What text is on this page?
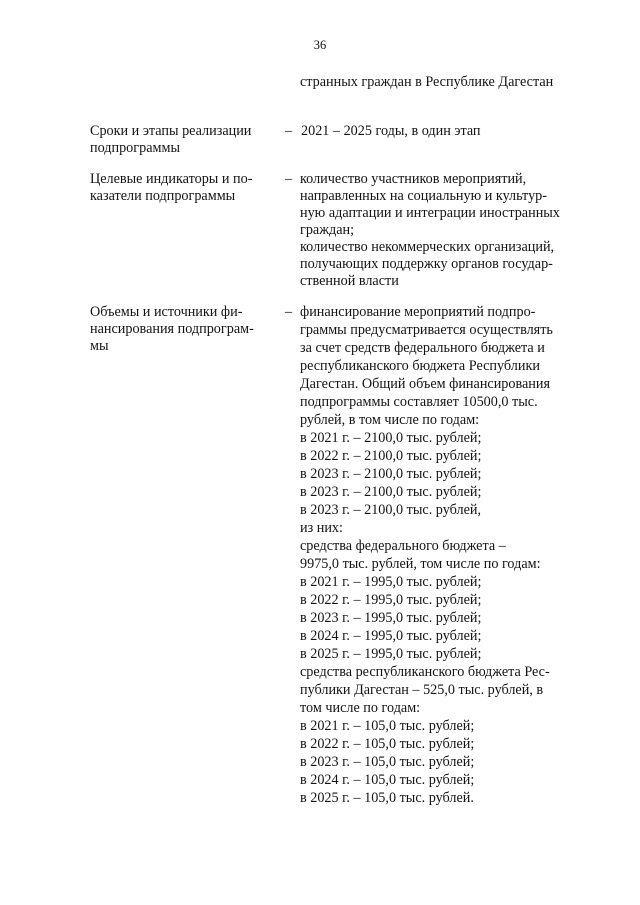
36
странных граждан в Республике Дагестан
Сроки и этапы реализации
подпрограммы
– 2021 – 2025 годы, в один этап
Целевые индикаторы и по-
казатели подпрограммы
– количество участников мероприятий,
направленных на социальную и культур-
ную адаптации и интеграции иностранных
граждан;
количество некоммерческих организаций,
получающих поддержку органов государ-
ственной власти
Объемы и источники фи-
нансирования подпрограм-
мы
– финансирование мероприятий подпро-
граммы предусматривается осуществлять
за счет средств федерального бюджета и
республиканского бюджета Республики
Дагестан. Общий объем финансирования
подпрограммы составляет 10500,0 тыс.
рублей, в том числе по годам:
в 2021 г. – 2100,0 тыс. рублей;
в 2022 г. – 2100,0 тыс. рублей;
в 2023 г. – 2100,0 тыс. рублей;
в 2023 г. – 2100,0 тыс. рублей;
в 2023 г. – 2100,0 тыс. рублей,
из них:
средства федерального бюджета –
9975,0 тыс. рублей, том числе по годам:
в 2021 г. – 1995,0 тыс. рублей;
в 2022 г. – 1995,0 тыс. рублей;
в 2023 г. – 1995,0 тыс. рублей;
в 2024 г. – 1995,0 тыс. рублей;
в 2025 г. – 1995,0 тыс. рублей;
средства республиканского бюджета Рес-
публики Дагестан – 525,0 тыс. рублей, в
том числе по годам:
в 2021 г. – 105,0 тыс. рублей;
в 2022 г. – 105,0 тыс. рублей;
в 2023 г. – 105,0 тыс. рублей;
в 2024 г. – 105,0 тыс. рублей;
в 2025 г. – 105,0 тыс. рублей.
